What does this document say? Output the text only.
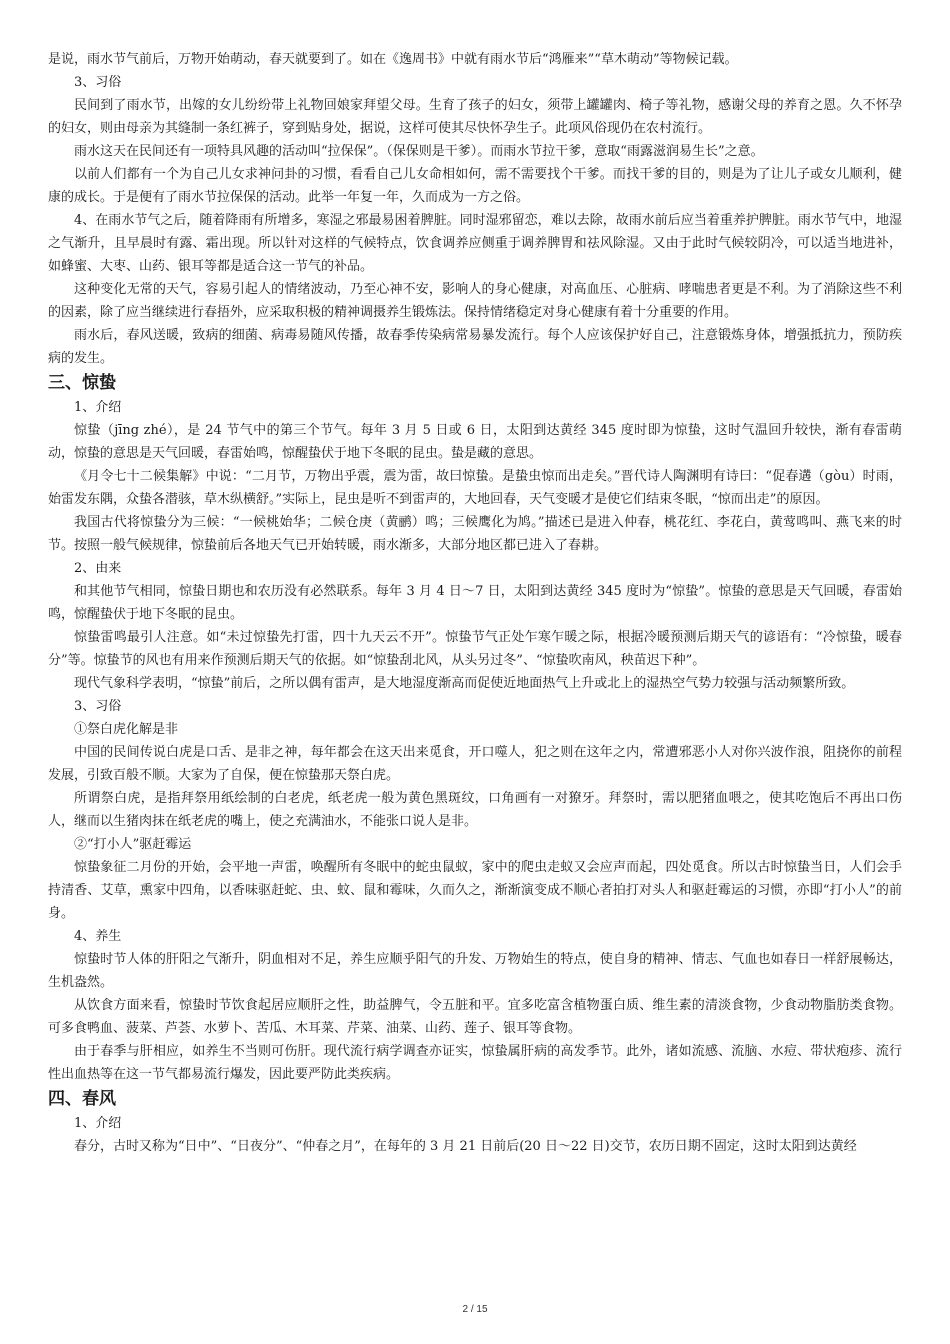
是说，雨水节气前后，万物开始萌动，春天就要到了。如在《逸周书》中就有雨水节后“鸿雁来”“草木萌动”等物候记载。
3、习俗
民间到了雨水节，出嫁的女儿纷纷带上礼物回娘家拜望父母。生育了孩子的妇女，须带上罐罐肉、椅子等礼物，感谢父母的养育之恩。久不怀孕的妇女，则由母亲为其缝制一条红裤子，穿到贴身处，据说，这样可使其尽快怀孕生子。此项风俗现仍在农村流行。
雨水这天在民间还有一项特具风趣的活动叫“拉保保”。（保保则是干爹）。而雨水节拉干爹，意取“雨露滋润易生长”之意。
以前人们都有一个为自己儿女求神问卦的习惯，看看自己儿女命相如何，需不需要找个干爹。而找干爹的目的，则是为了让儿子或女儿顺利，健康的成长。于是便有了雨水节拉保保的活动。此举一年复一年，久而成为一方之俗。
4、在雨水节气之后，随着降雨有所增多，寒湿之邪最易困着脾脏。同时湿邪留恋，难以去除，故雨水前后应当着重养护脾脏。雨水节气中，地湿之气渐升，且早晨时有露、霜出现。所以针对这样的气候特点，饮食调养应侧重于调养脾胃和祛风除湿。又由于此时气候较阴冷，可以适当地进补，如蜂蜜、大枣、山药、银耳等都是适合这一节气的补品。
这种变化无常的天气，容易引起人的情绪波动，乃至心神不安，影响人的身心健康，对高血压、心脏病、哮喘患者更是不利。为了消除这些不利的因素，除了应当继续进行春捂外，应采取积极的精神调摄养生锻炼法。保持情绪稳定对身心健康有着十分重要的作用。
雨水后，春风送暖，致病的细菌、病毒易随风传播，故春季传染病常易暴发流行。每个人应该保护好自己，注意锻炼身体，增强抵抗力，预防疾病的发生。
三、惊蛰
1、介绍
惊蛰（jīng zhé），是 24 节气中的第三个节气。每年 3 月 5 日或 6 日，太阳到达黄经 345 度时即为惊蛰，这时气温回升较快，渐有春雷萌动，惊蛰的意思是天气回暖，春雷始鸣，惊醒蛰伏于地下冬眠的昆虫。蛰是藏的意思。
《月令七十二候集解》中说：“二月节，万物出乎震，震为雷，故曰惊蛰。是蛰虫惊而出走矣。”晋代诗人陶渊明有诗曰：“促春遘（gòu）时雨，始雷发东隅，众蛰各潜骇，草木纵横舒。”实际上，昆虫是听不到雷声的，大地回春，天气变暖才是使它们结束冬眠，“惊而出走”的原因。
我国古代将惊蛰分为三候：“一候桃始华；二候仓庚（黄鹂）鸣；三候鹰化为鸠。”描述已是进入仲春，桃花红、李花白，黄莺鸣叫、燕飞来的时节。按照一般气候规律，惊蛰前后各地天气已开始转暖，雨水渐多，大部分地区都已进入了春耕。
2、由来
和其他节气相同，惊蛰日期也和农历没有必然联系。每年 3 月 4 日～7 日，太阳到达黄经 345 度时为“惊蛰”。惊蛰的意思是天气回暖，春雷始鸣，惊醒蛰伏于地下冬眠的昆虫。
惊蛰雷鸣最引人注意。如“未过惊蛰先打雷，四十九天云不开”。惊蛰节气正处乍寒乍暖之际，根据冷暖预测后期天气的谚语有：“冷惊蛰，暖春分”等。惊蛰节的风也有用来作预测后期天气的依据。如“惊蛰刮北风，从头另过冬”、“惊蛰吹南风，秧苗迟下种”。
现代气象科学表明，“惊蛰”前后，之所以偶有雷声，是大地湿度渐高而促使近地面热气上升或北上的湿热空气势力较强与活动频繁所致。
3、习俗
①祭白虎化解是非
中国的民间传说白虎是口舌、是非之神，每年都会在这天出来觅食，开口噬人，犯之则在这年之内，常遭邪恶小人对你兴波作浪，阻挠你的前程发展，引致百般不顺。大家为了自保，便在惊蛰那天祭白虎。
所谓祭白虎，是指拜祭用纸绘制的白老虎，纸老虎一般为黄色黑斑纹，口角画有一对獠牙。拜祭时，需以肥猪血喂之，使其吃饱后不再出口伤人，继而以生猪肉抹在纸老虎的嘴上，使之充满油水，不能张口说人是非。
②“打小人”驱赶霉运
惊蛰象征二月份的开始，会平地一声雷，唤醒所有冬眠中的蛇虫鼠蚁，家中的爬虫走蚁又会应声而起，四处觅食。所以古时惊蛰当日，人们会手持清香、艾草，熏家中四角，以香味驱赶蛇、虫、蚊、鼠和霉味，久而久之，渐渐演变成不顺心者拍打对头人和驱赶霉运的习惯，亦即“打小人”的前身。
4、养生
惊蛰时节人体的肝阳之气渐升，阴血相对不足，养生应顺乎阳气的升发、万物始生的特点，使自身的精神、情志、气血也如春日一样舒展畅达，生机盎然。
从饮食方面来看，惊蛰时节饮食起居应顺肝之性，助益脾气，令五脏和平。宜多吃富含植物蛋白质、维生素的清淡食物，少食动物脂肪类食物。可多食鸭血、菠菜、芦荟、水萝卜、苦瓜、木耳菜、芹菜、油菜、山药、莲子、银耳等食物。
由于春季与肝相应，如养生不当则可伤肝。现代流行病学调查亦证实，惊蛰属肝病的高发季节。此外，诸如流感、流脑、水痘、带状疱疹、流行性出血热等在这一节气都易流行爆发，因此要严防此类疾病。
四、春风
1、介绍
春分，古时又称为“日中”、“日夜分”、“仲春之月”，在每年的 3 月 21 日前后(20 日～22 日)交节，农历日期不固定，这时太阳到达黄经
2 / 15
